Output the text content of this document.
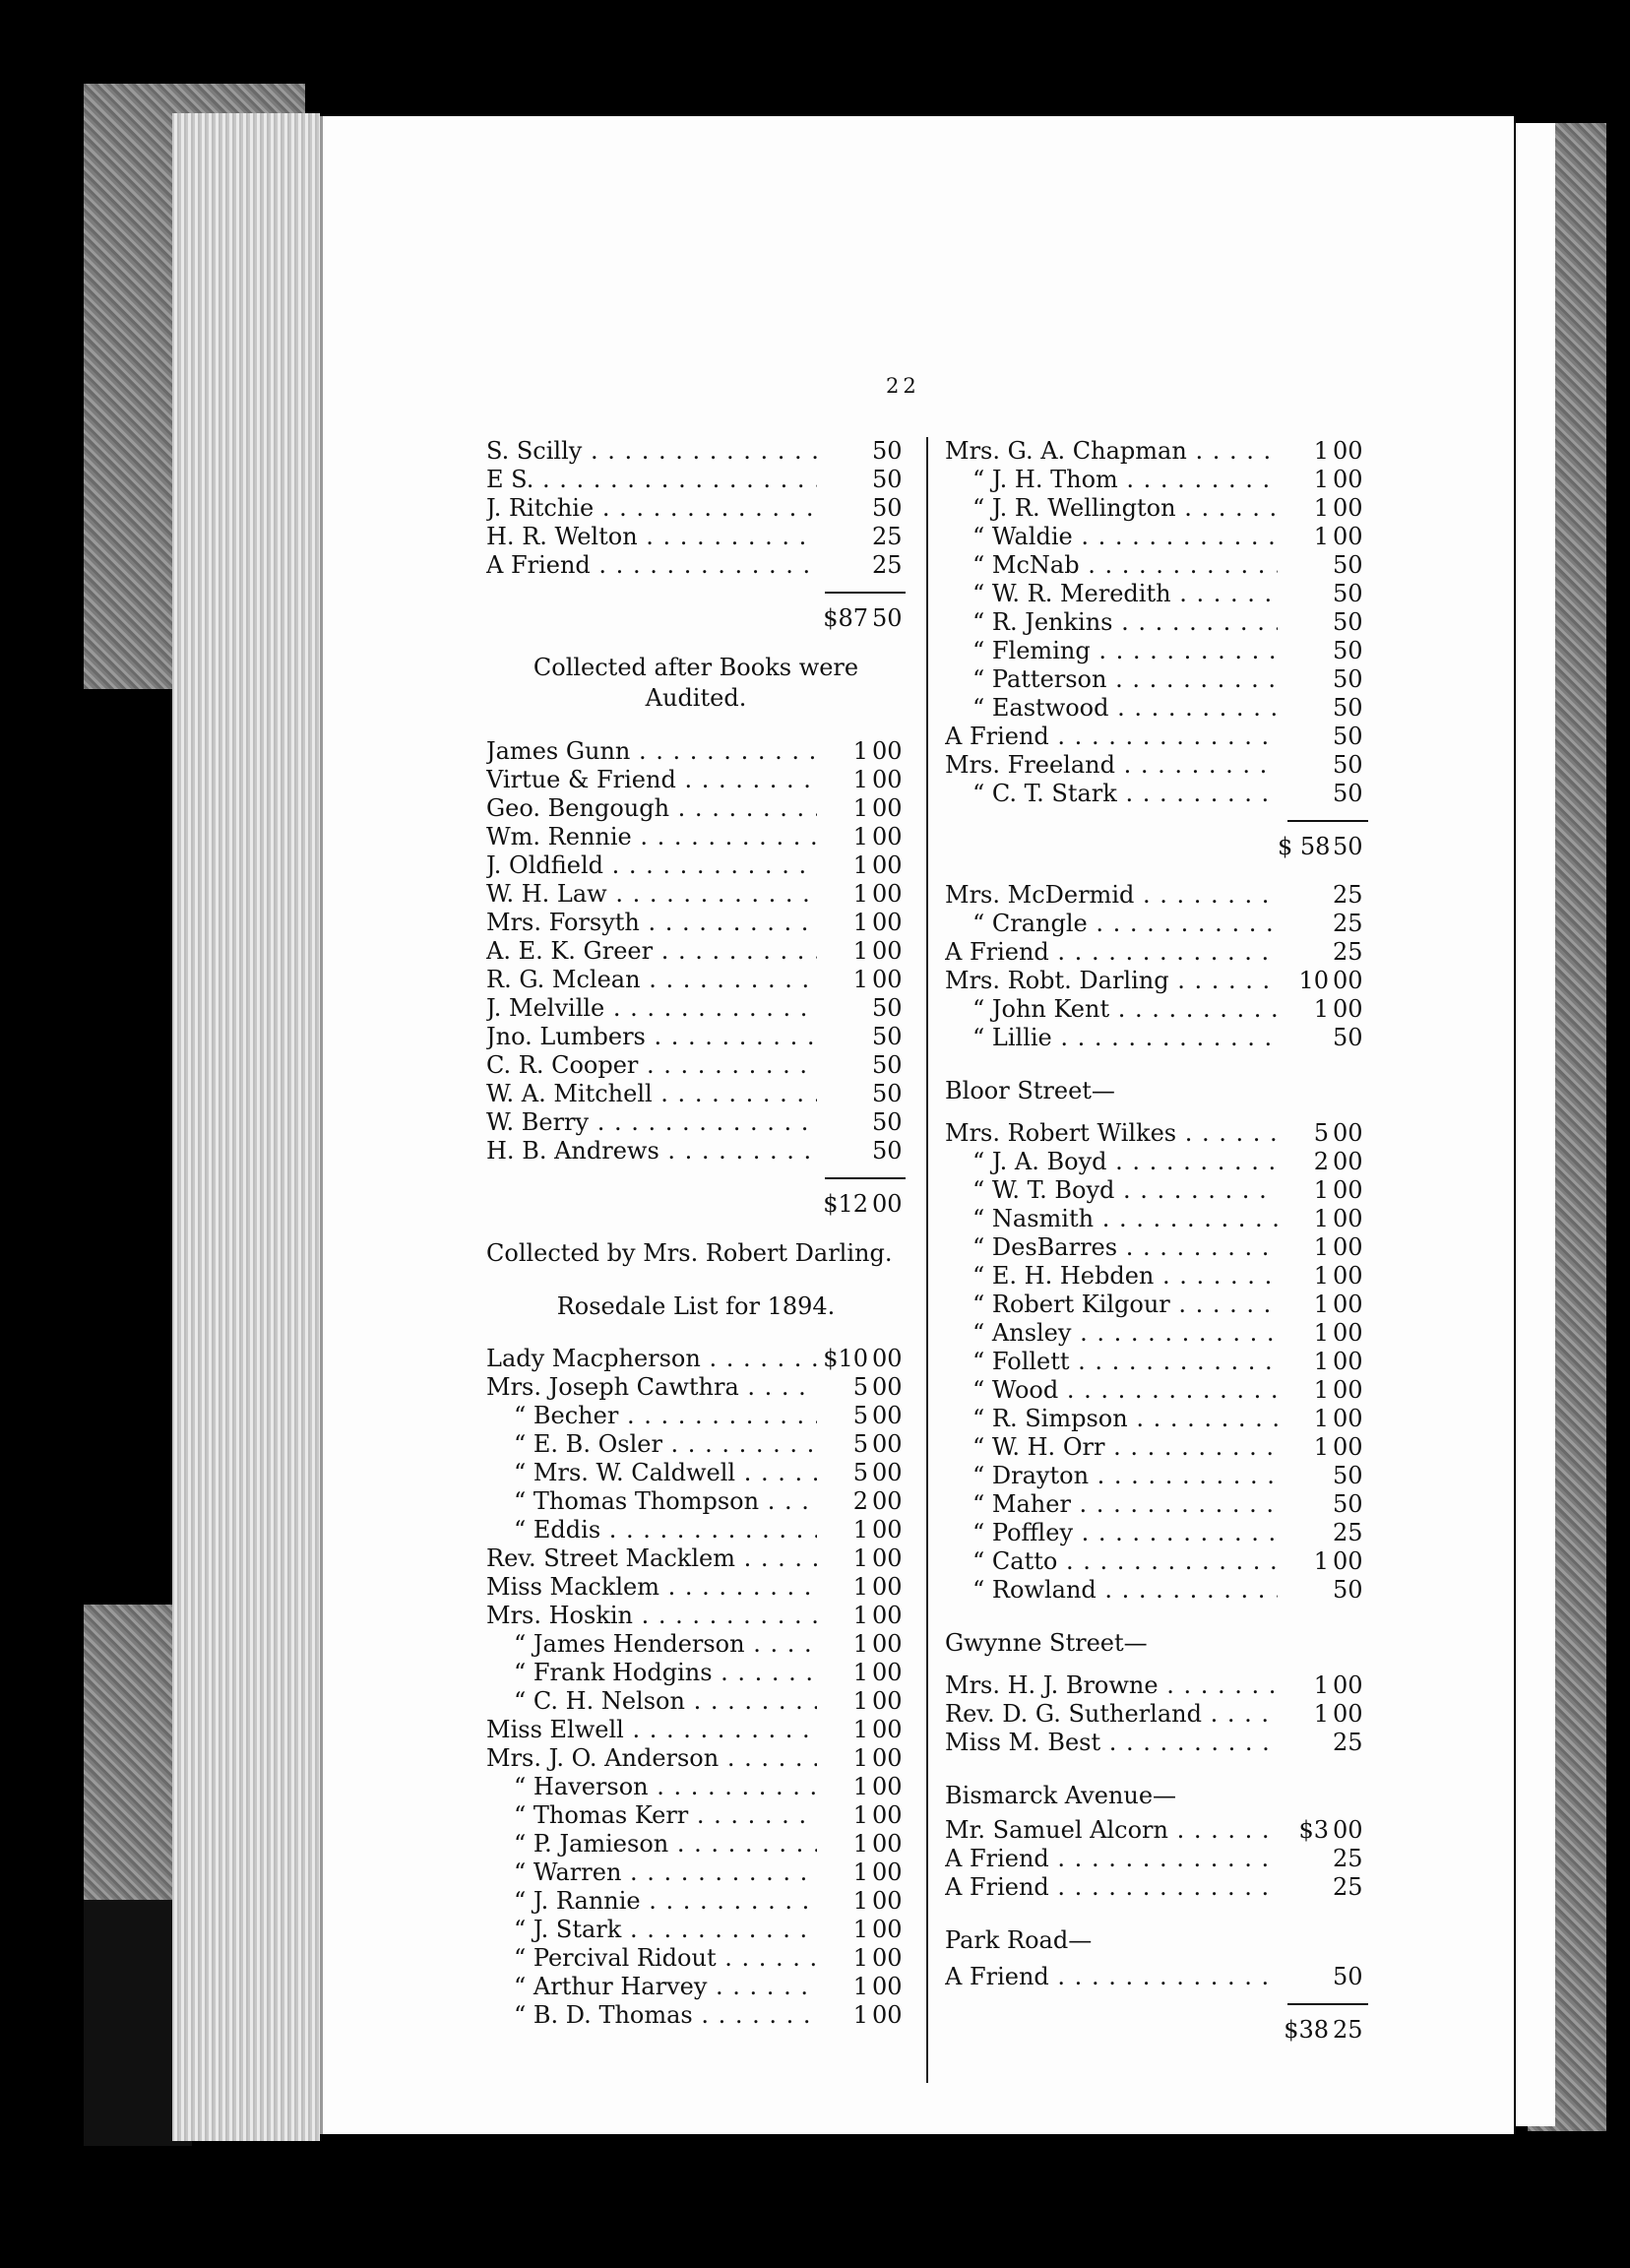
22
S. Scilly . . .	50
E S. . . .	50
J. Ritchie . . .	50
H. R. Welton . . .	25
A Friend . . .	25
$87 50
Collected after Books were Audited.
James Gunn . . .	1 00
Virtue & Friend . . .	1 00
Geo. Bengough . . .	1 00
Wm. Rennie . . .	1 00
J. Oldfield . . .	1 00
W. H. Law . . .	1 00
Mrs. Forsyth . . .	1 00
A. E. K. Greer . . .	1 00
R. G. Mclean . . .	1 00
J. Melville . . .	50
Jno. Lumbers . . .	50
C. R. Cooper . . .	50
W. A. Mitchell . . .	50
W. Berry . . .	50
H. B. Andrews . . .	50
$12 00
Collected by Mrs. Robert Darling.
Rosedale List for 1894.
Lady Macpherson . . .	$10 00
Mrs. Joseph Cawthra . . .	5 00
“ Becher . . .	5 00
“ E. B. Osler . . .	5 00
“ Mrs. W. Caldwell . . .	5 00
“ Thomas Thompson . . .	2 00
“ Eddis . . .	1 00
Rev. Street Macklem . . .	1 00
Miss Macklem . . .	1 00
Mrs. Hoskin . . .	1 00
“ James Henderson . . .	1 00
“ Frank Hodgins . . .	1 00
“ C. H. Nelson . . .	1 00
Miss Elwell . . .	1 00
Mrs. J. O. Anderson . . .	1 00
“ Haverson . . .	1 00
“ Thomas Kerr . . .	1 00
“ P. Jamieson . . .	1 00
“ Warren . . .	1 00
“ J. Rannie . . .	1 00
“ J. Stark . . .	1 00
“ Percival Ridout . . .	1 00
“ Arthur Harvey . . .	1 00
“ B. D. Thomas . . .	1 00
Mrs. G. A. Chapman . . .	1 00
“ J. H. Thom . . .	1 00
“ J. R. Wellington . . .	1 00
“ Waldie . . .	1 00
“ McNab . . .	50
“ W. R. Meredith . . .	50
“ R. Jenkins . . .	50
“ Fleming . . .	50
“ Patterson . . .	50
“ Eastwood . . .	50
A Friend . . .	50
Mrs. Freeland . . .	50
“ C. T. Stark . . .	50
$ 58 50
Mrs. McDermid . . .	25
“ Crangle . . .	25
A Friend . . .	25
Mrs. Robt. Darling . . .	10 00
“ John Kent . . .	1 00
“ Lillie . . .	50
Bloor Street—
Mrs. Robert Wilkes . . .	5 00
“ J. A. Boyd . . .	2 00
“ W. T. Boyd . . .	1 00
“ Nasmith . . .	1 00
“ DesBarres . . .	1 00
“ E. H. Hebden . . .	1 00
“ Robert Kilgour . . .	1 00
“ Ansley . . .	1 00
“ Follett . . .	1 00
“ Wood . . .	1 00
“ R. Simpson . . .	1 00
“ W. H. Orr . . .	1 00
“ Drayton . . .	50
“ Maher . . .	50
“ Poffley . . .	25
“ Catto . . .	1 00
“ Rowland . . .	50
Gwynne Street—
Mrs. H. J. Browne . . .	1 00
Rev. D. G. Sutherland . . .	1 00
Miss M. Best . . .	25
Bismarck Avenue—
Mr. Samuel Alcorn . . .	$3 00
A Friend . . .	25
A Friend . . .	25
Park Road—
A Friend . . .	50
$38 25
